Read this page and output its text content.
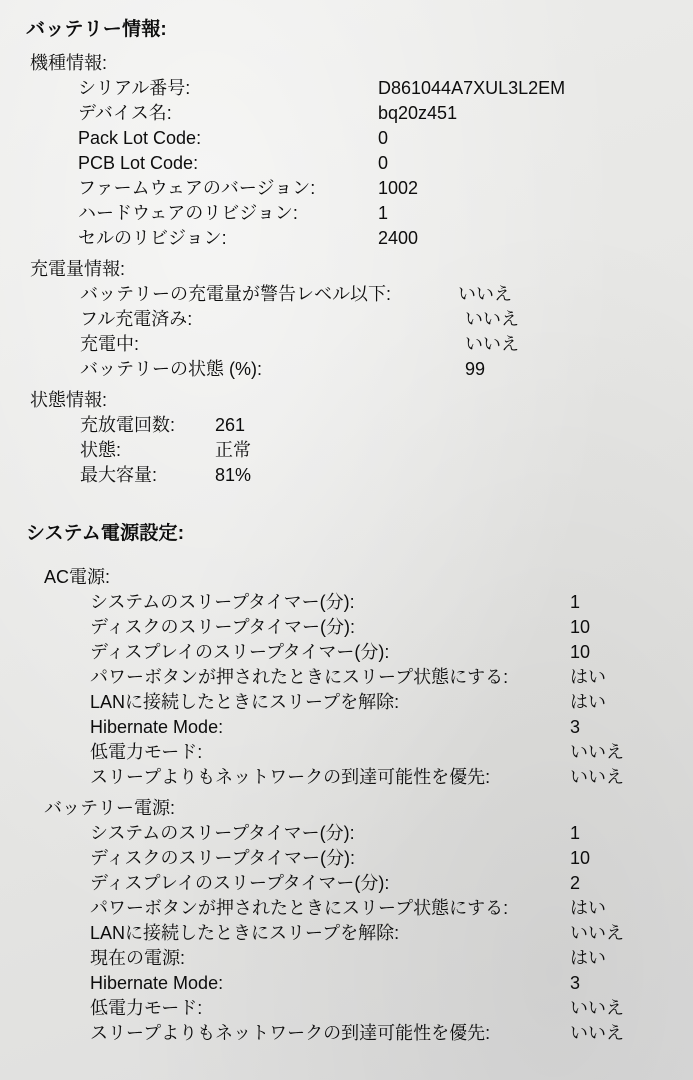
バッテリー情報:
機種情報:
シリアル番号:	D861044A7XUL3L2EM
デバイス名:	bq20z451
Pack Lot Code:	0
PCB Lot Code:	0
ファームウェアのバージョン:	1002
ハードウェアのリビジョン:	1
セルのリビジョン:	2400
充電量情報:
バッテリーの充電量が警告レベル以下:	いいえ
フル充電済み:	いいえ
充電中:	いいえ
バッテリーの状態 (%):	99
状態情報:
充放電回数:	261
状態:	正常
最大容量:	81%
システム電源設定:
AC電源:
システムのスリープタイマー(分):	1
ディスクのスリープタイマー(分):	10
ディスプレイのスリープタイマー(分):	10
パワーボタンが押されたときにスリープ状態にする:	はい
LANに接続したときにスリープを解除:	はい
Hibernate Mode:	3
低電力モード:	いいえ
スリープよりもネットワークの到達可能性を優先:	いいえ
バッテリー電源:
システムのスリープタイマー(分):	1
ディスクのスリープタイマー(分):	10
ディスプレイのスリープタイマー(分):	2
パワーボタンが押されたときにスリープ状態にする:	はい
LANに接続したときにスリープを解除:	いいえ
現在の電源:	はい
Hibernate Mode:	3
低電力モード:	いいえ
スリープよりもネットワークの到達可能性を優先:	いいえ
